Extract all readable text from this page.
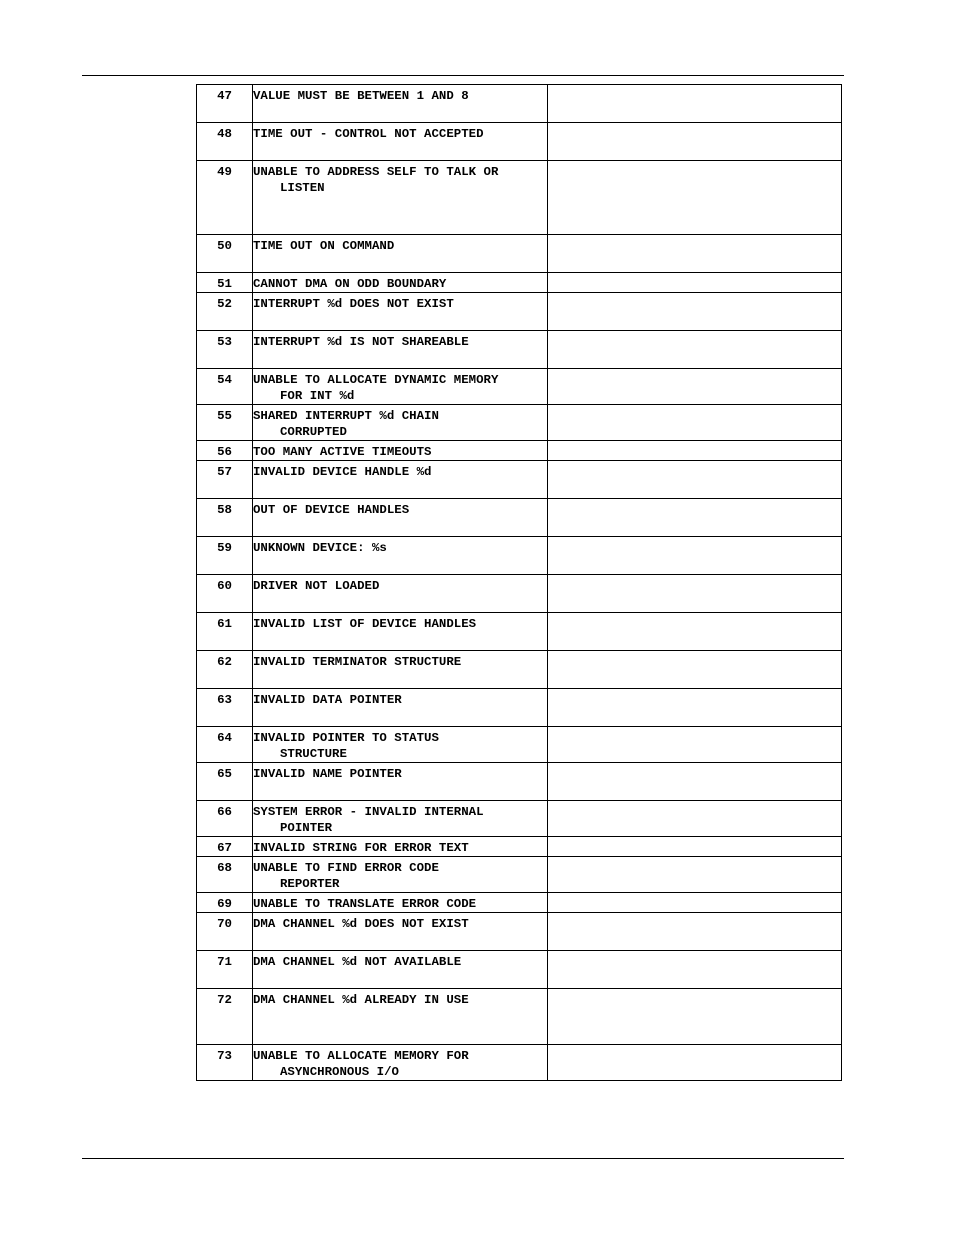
47	VALUE MUST BE BETWEEN 1 AND 8	

48	TIME OUT - CONTROL NOT ACCEPTED	

49	UNABLE TO ADDRESS SELF TO TALK OR
LISTEN	

50	TIME OUT ON COMMAND	

51	CANNOT DMA ON ODD BOUNDARY	

52	INTERRUPT %d DOES NOT EXIST	

53	INTERRUPT %d IS NOT SHAREABLE	

54	UNABLE TO ALLOCATE DYNAMIC MEMORY
FOR INT %d	

55	SHARED INTERRUPT %d CHAIN
CORRUPTED	

56	TOO MANY ACTIVE TIMEOUTS	

57	INVALID DEVICE HANDLE %d	

58	OUT OF DEVICE HANDLES	

59	UNKNOWN DEVICE: %s	

60	DRIVER NOT LOADED	

61	INVALID LIST OF DEVICE HANDLES	

62	INVALID TERMINATOR STRUCTURE	

63	INVALID DATA POINTER	

64	INVALID POINTER TO STATUS
STRUCTURE	

65	INVALID NAME POINTER	

66	SYSTEM ERROR - INVALID INTERNAL
POINTER	

67	INVALID STRING FOR ERROR TEXT	

68	UNABLE TO FIND ERROR CODE
REPORTER	

69	UNABLE TO TRANSLATE ERROR CODE	

70	DMA CHANNEL %d DOES NOT EXIST	

71	DMA CHANNEL %d NOT AVAILABLE	

72	DMA CHANNEL %d ALREADY IN USE	

73	UNABLE TO ALLOCATE MEMORY FOR
ASYNCHRONOUS I/O	
